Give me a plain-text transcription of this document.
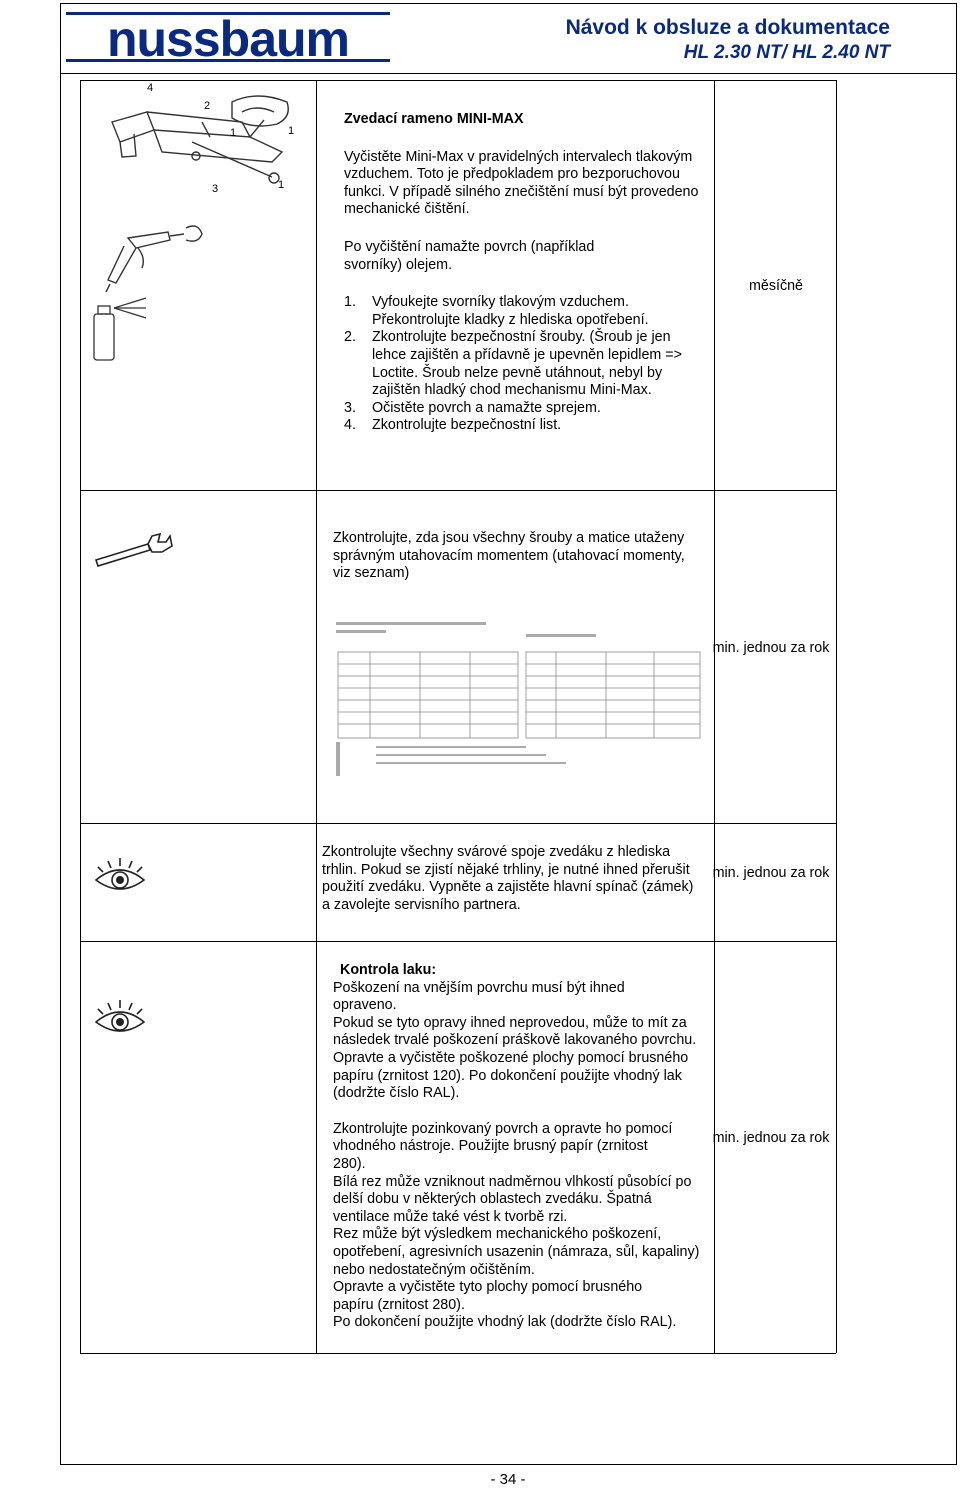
nussbaum	Návod k obsluze a dokumentace
HL 2.30 NT/ HL 2.40 NT
4
2
1	1
3	1

Zvedací rameno MINI-MAX

Vyčistěte Mini-Max v pravidelných intervalech tlakovým vzduchem. Toto je předpokladem pro bezporuchovou funkci. V případě silného znečištění musí být provedeno mechanické čištění.

Po vyčištění namažte povrch (například svorníky) olejem.

1. Vyfoukejte svorníky tlakovým vzduchem. Překontrolujte kladky z hlediska opotřebení.
2. Zkontrolujte bezpečnostní šrouby. (Šroub je jen lehce zajištěn a přídavně je upevněn lepidlem => Loctite. Šroub nelze pevně utáhnout, nebyl by zajištěn hladký chod mechanismu Mini-Max.
3. Očistěte povrch a namažte sprejem.
4. Zkontrolujte bezpečnostní list.
měsíčně
Zkontrolujte, zda jsou všechny šrouby a matice utaženy správným utahovacím momentem (utahovací momenty, viz seznam)
min. jednou za rok
Zkontrolujte všechny svárové spoje zvedáku z hlediska trhlin. Pokud se zjistí nějaké trhliny, je nutné ihned přerušit použití zvedáku. Vypněte a zajistěte hlavní spínač (zámek) a zavolejte servisního partnera.
min. jednou za rok

Kontrola laku:

Poškození na vnějším povrchu musí být ihned opraveno.

Pokud se tyto opravy ihned neprovedou, může to mít za následek trvalé poškození práškově lakovaného povrchu. Opravte a vyčistěte poškozené plochy pomocí brusného papíru (zrnitost 120). Po dokončení použijte vhodný lak (dodržte číslo RAL).

Zkontrolujte pozinkovaný povrch a opravte ho pomocí vhodného nástroje. Použijte brusný papír (zrnitost 280).

Bílá rez může vzniknout nadměrnou vlhkostí působící po delší dobu v některých oblastech zvedáku. Špatná ventilace může také vést k tvorbě rzi.

Rez může být výsledkem mechanického poškození, opotřebení, agresivních usazenin (námraza, sůl, kapaliny) nebo nedostatečným očištěním.

Opravte a vyčistěte tyto plochy pomocí brusného papíru (zrnitost 280).

Po dokončení použijte vhodný lak (dodržte číslo RAL).

min. jednou za rok
- 34 -
